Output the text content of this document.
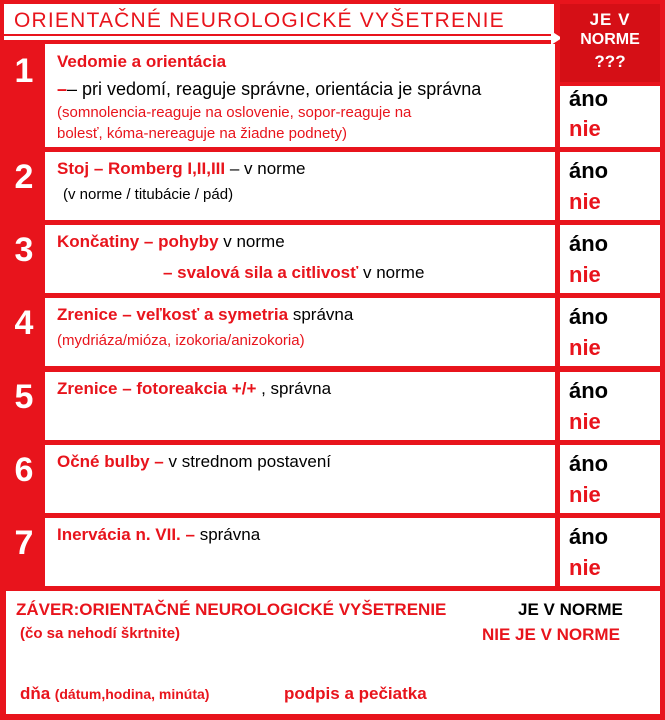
ORIENTAČNÉ NEUROLOGICKÉ VYŠETRENIE	JE V
NORME
???
1	Vedomie a orientácia
–– pri vedomí, reaguje správne, orientácia je správna
(somnolencia-reaguje na oslovenie, sopor-reaguje na
bolesť, kóma-nereaguje na žiadne podnety)
áno
nie
2	Stoj – Romberg I,II,III – v norme
(v norme / titubácie / pád)
áno
nie
3	Končatiny – pohyby v norme
– svalová sila a citlivosť v norme
áno
nie
4	Zrenice – veľkosť a symetria správna
(mydriáza/mióza, izokoria/anizokoria)
áno
nie
5	Zrenice – fotoreakcia +/+ , správna	áno
nie
6	Očné bulby – v strednom postavení	áno
nie
7	Inervácia n. VII. – správna	áno
nie
ZÁVER:ORIENTAČNÉ NEUROLOGICKÉ VYŠETRENIE	JE V NORME
(čo sa nehodí škrtnite)	NIE JE V NORME
dňa (dátum,hodina, minúta)	podpis a pečiatka
